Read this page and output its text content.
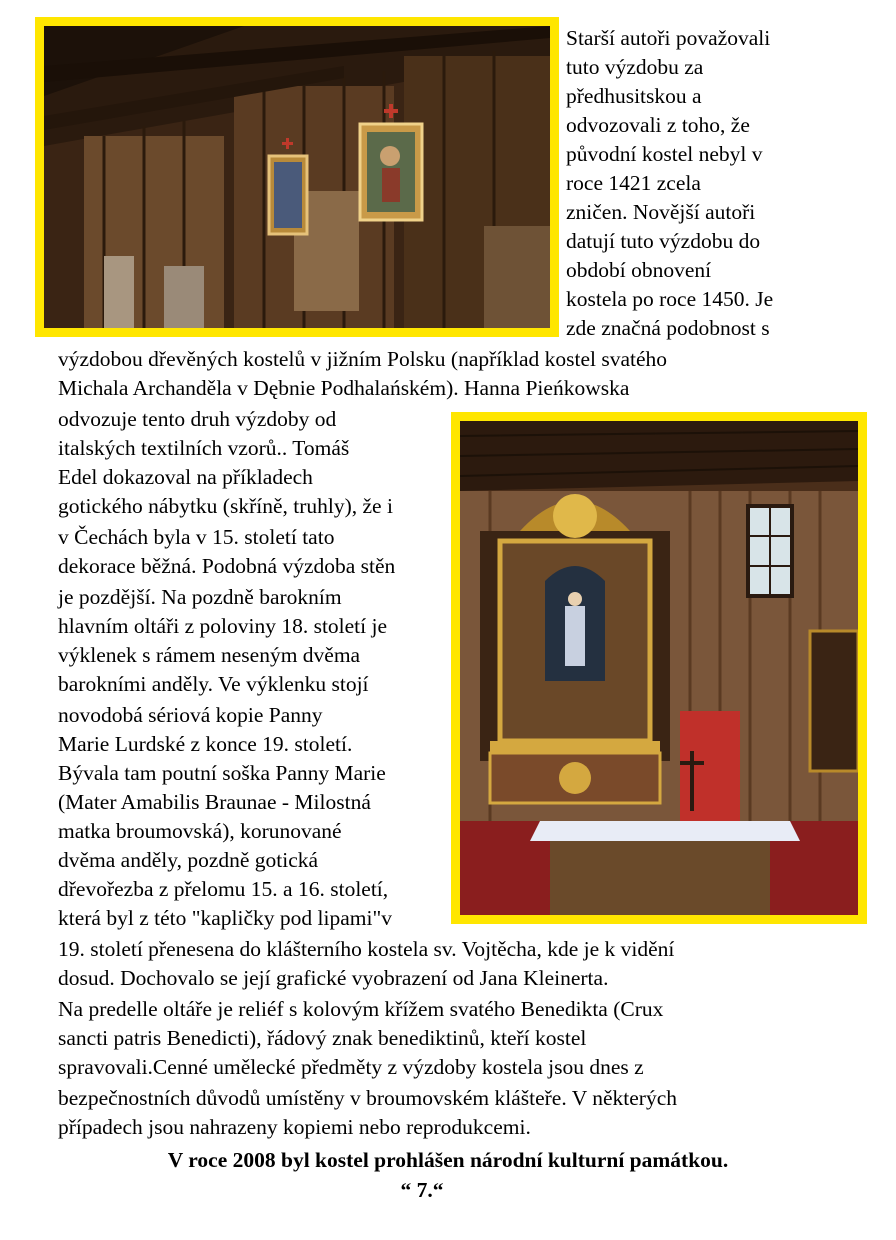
Starší autoři považovali

tuto výzdobu za

předhusitskou a

odvozovali z toho, že

původní kostel nebyl v

roce 1421 zcela

zničen. Novější autoři

datují tuto výzdobu do

období obnovení

kostela po roce 1450. Je

zde značná podobnost s

výzdobou dřevěných kostelů v jižním Polsku (například kostel svatého

Michala Archanděla v Dębnie Podhalańském). Hanna Pieńkowska

odvozuje tento druh výzdoby od

italských textilních vzorů.. Tomáš

Edel dokazoval na příkladech

gotického nábytku (skříně, truhly), že i

v Čechách byla v 15. století tato

dekorace běžná. Podobná výzdoba stěn

je pozdější. Na pozdně barokním

hlavním oltáři z poloviny 18. století je

výklenek s rámem neseným dvěma

barokními anděly. Ve výklenku stojí

novodobá sériová kopie Panny

Marie Lurdské z konce 19. století.

Bývala tam poutní soška Panny Marie

(Mater Amabilis Braunae - Milostná

matka broumovská), korunované

dvěma anděly, pozdně gotická

dřevořezba z přelomu 15. a 16. století,

která byl z této "kapličky pod lipami"v

19. století přenesena do klášterního kostela sv. Vojtěcha, kde je k vidění

dosud. Dochovalo se její grafické vyobrazení od Jana Kleinerta.

Na predelle oltáře je reliéf s kolovým křížem svatého Benedikta (Crux

sancti patris Benedicti), řádový znak benediktinů, kteří kostel

spravovali.Cenné umělecké předměty z výzdoby kostela jsou dnes z

bezpečnostních důvodů umístěny v broumovském klášteře. V některých

případech jsou nahrazeny kopiemi nebo reprodukcemi.

V roce 2008 byl kostel prohlášen národní kulturní památkou.

“ 7.“
